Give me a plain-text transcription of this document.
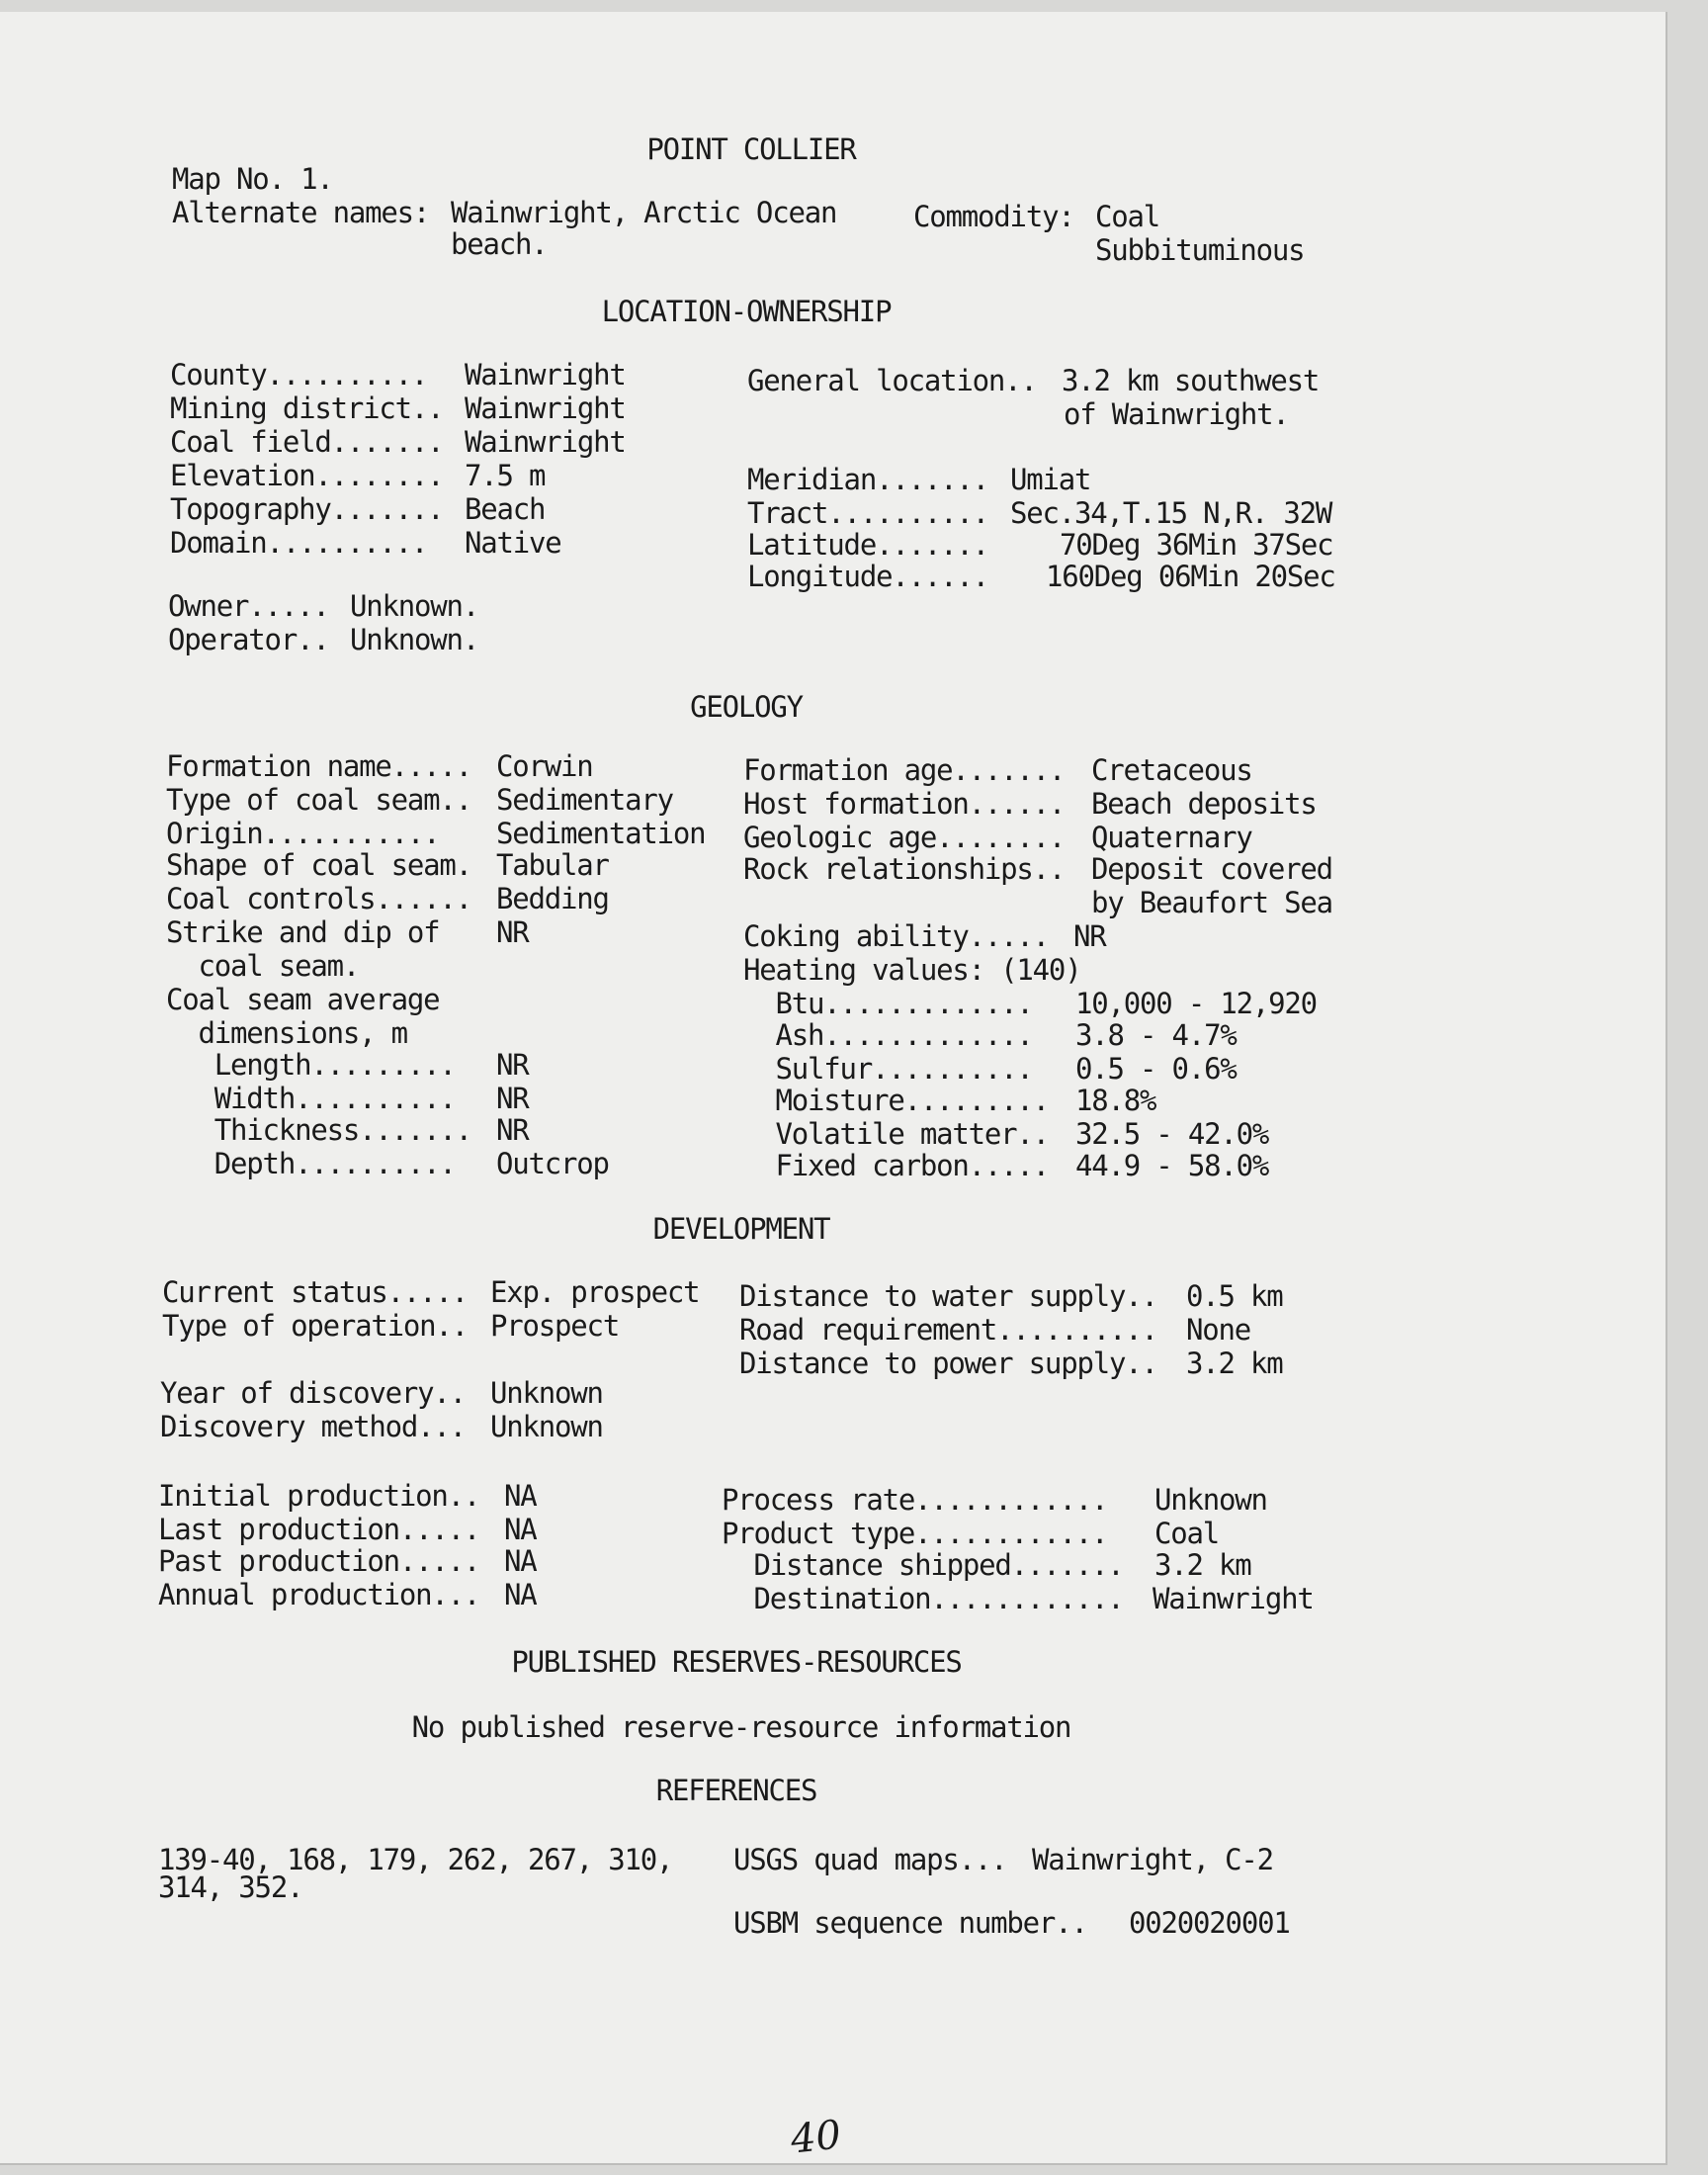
POINT COLLIER
Map No. 1.
Alternate names: Wainwright, Arctic Ocean
beach.
Commodity: Coal
Subbituminous
LOCATION-OWNERSHIP
County..........
Mining district..
Coal field.......
Elevation........
Topography.......
Domain..........
Wainwright
Wainwright
Wainwright
7.5 m
Beach
Native
General location.. 3.2 km southwest
of Wainwright.
Meridian.......
Tract..........
Latitude.......
Longitude......
Umiat
Sec.34,T.15 N,R. 32W
70Deg 36Min 37Sec
160Deg 06Min 20Sec
Owner.....
Operator..
Unknown.
Unknown.
GEOLOGY
Formation name.....
Type of coal seam..
Origin...........
Shape of coal seam.
Coal controls......
Strike and dip of
coal seam.
Coal seam average
dimensions, m
Length.........
Width..........
Thickness.......
Depth..........
Corwin
Sedimentary
Sedimentation
Tabular
Bedding
NR
NR
NR
NR
Outcrop
Formation age.......
Host formation......
Geologic age........
Rock relationships..
Coking ability.....
Heating values: (140)
Btu.............
Ash.............
Sulfur..........
Moisture.........
Volatile matter..
Fixed carbon.....
Cretaceous
Beach deposits
Quaternary
Deposit covered
by Beaufort Sea
NR
10,000 - 12,920
3.8 - 4.7%
0.5 - 0.6%
18.8%
32.5 - 42.0%
44.9 - 58.0%
DEVELOPMENT
Current status.....
Type of operation..
Exp. prospect
Prospect
Year of discovery..
Discovery method...
Unknown
Unknown
Distance to water supply..
Road requirement..........
Distance to power supply..
0.5 km
None
3.2 km
Initial production..
Last production.....
Past production.....
Annual production...
NA
NA
NA
NA
Process rate............
Product type............
Distance shipped.......
Destination............
Unknown
Coal
3.2 km
Wainwright
PUBLISHED RESERVES-RESOURCES
No published reserve-resource information
REFERENCES
139-40, 168, 179, 262, 267, 310,
314, 352.
USGS quad maps... Wainwright, C-2
USBM sequence number.. 0020020001
40
